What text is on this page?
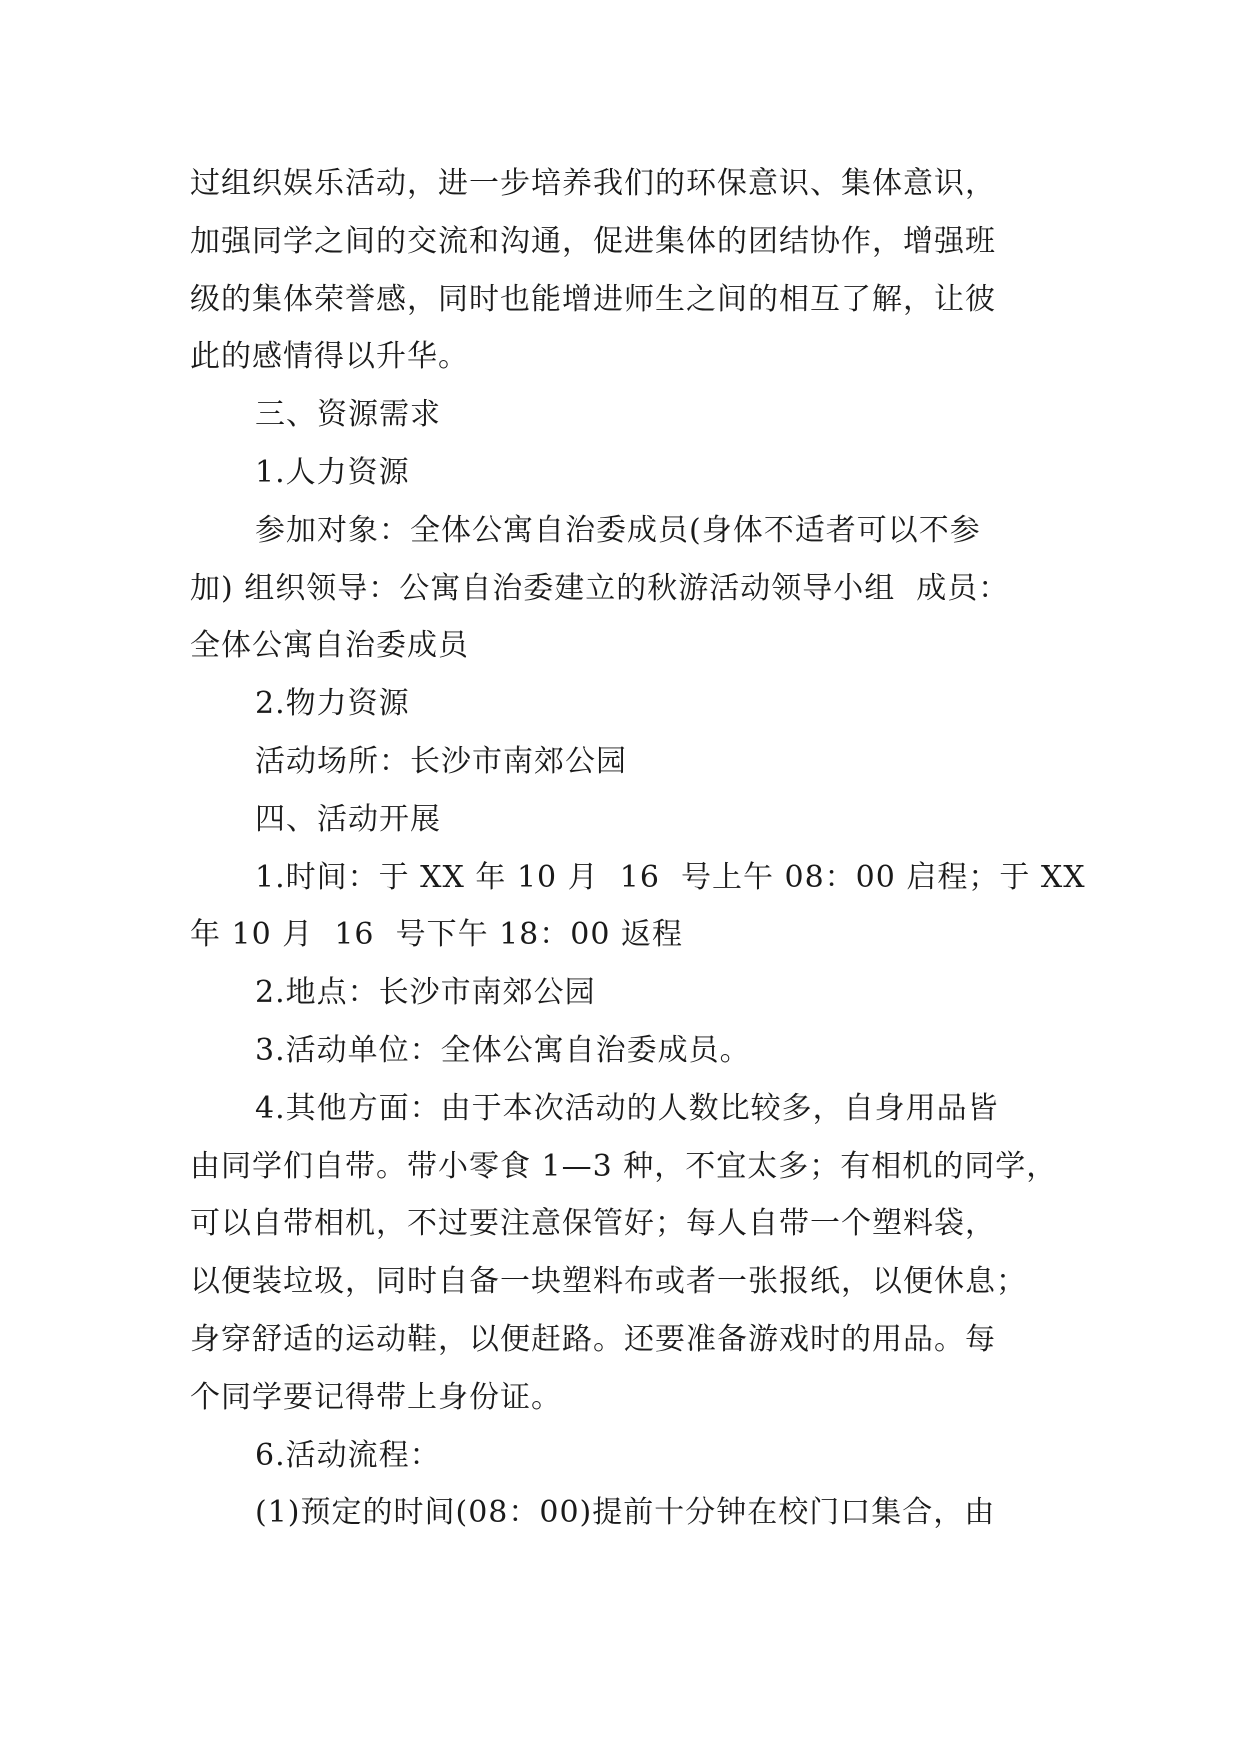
过组织娱乐活动，进一步培养我们的环保意识、集体意识，
加强同学之间的交流和沟通，促进集体的团结协作，增强班
级的集体荣誉感，同时也能增进师生之间的相互了解，让彼
此的感情得以升华。
三、资源需求
1.人力资源
参加对象：全体公寓自治委成员(身体不适者可以不参
加) 组织领导：公寓自治委建立的秋游活动领导小组  成员：
全体公寓自治委成员
2.物力资源
活动场所：长沙市南郊公园
四、活动开展
1.时间：于 XX 年 10 月  16  号上午 08：00 启程；于 XX
年 10 月  16  号下午 18：00 返程
2.地点：长沙市南郊公园
3.活动单位：全体公寓自治委成员。
4.其他方面：由于本次活动的人数比较多，自身用品皆
由同学们自带。带小零食 1—3 种，不宜太多；有相机的同学，
可以自带相机，不过要注意保管好；每人自带一个塑料袋，
以便装垃圾，同时自备一块塑料布或者一张报纸，以便休息；
身穿舒适的运动鞋，以便赶路。还要准备游戏时的用品。每
个同学要记得带上身份证。
6.活动流程：
(1)预定的时间(08：00)提前十分钟在校门口集合，由
